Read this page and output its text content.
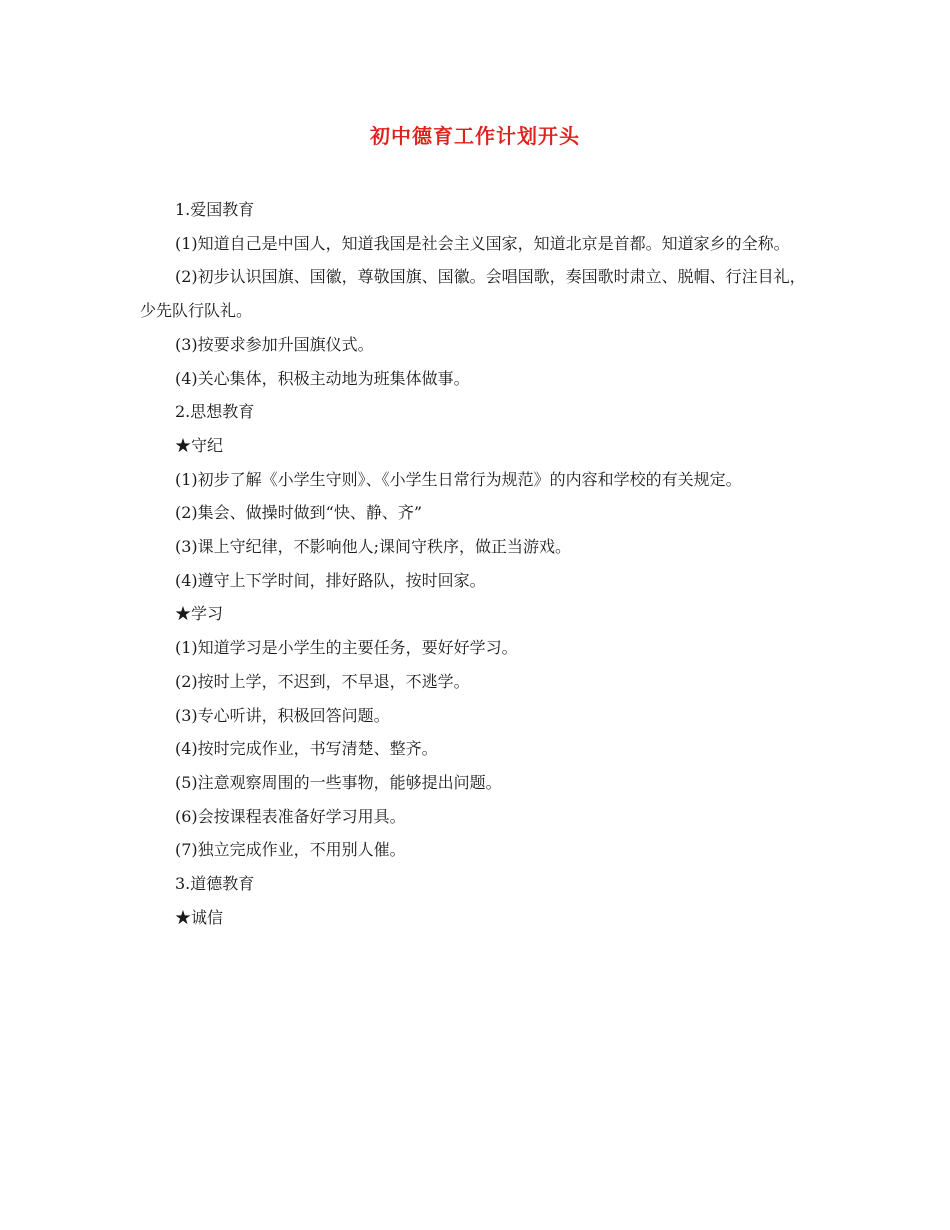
初中德育工作计划开头

1.爱国教育

(1)知道自己是中国人，知道我国是社会主义国家，知道北京是首都。知道家乡的全称。

(2)初步认识国旗、国徽，尊敬国旗、国徽。会唱国歌，奏国歌时肃立、脱帽、行注目礼，少先队行队礼。

(3)按要求参加升国旗仪式。

(4)关心集体，积极主动地为班集体做事。

2.思想教育

★守纪

(1)初步了解《小学生守则》、《小学生日常行为规范》的内容和学校的有关规定。

(2)集会、做操时做到“快、静、齐”

(3)课上守纪律，不影响他人;课间守秩序，做正当游戏。

(4)遵守上下学时间，排好路队，按时回家。

★学习

(1)知道学习是小学生的主要任务，要好好学习。

(2)按时上学，不迟到，不早退，不逃学。

(3)专心听讲，积极回答问题。

(4)按时完成作业，书写清楚、整齐。

(5)注意观察周围的一些事物，能够提出问题。

(6)会按课程表准备好学习用具。

(7)独立完成作业，不用别人催。

3.道德教育

★诚信
